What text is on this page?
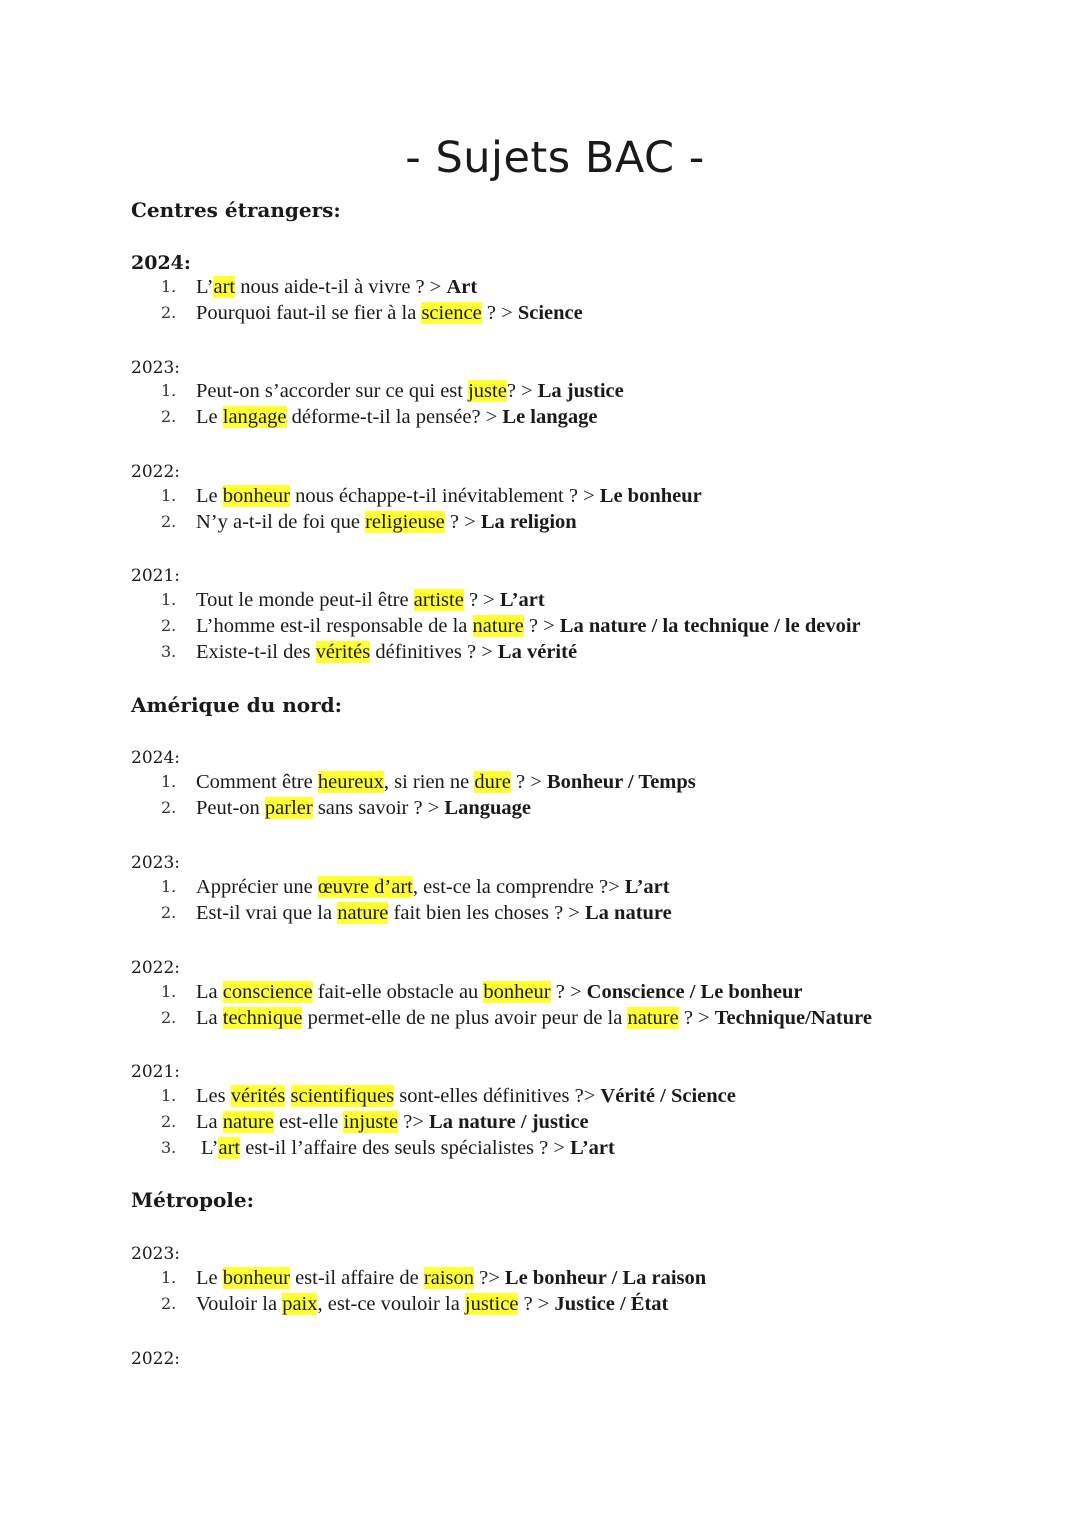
- Sujets BAC -
Centres étrangers:
2024:
1. L’art nous aide-t-il à vivre ? > Art
2. Pourquoi faut-il se fier à la science ? > Science
2023:
1. Peut-on s’accorder sur ce qui est juste? > La justice
2. Le langage déforme-t-il la pensée? > Le langage
2022:
1. Le bonheur nous échappe-t-il inévitablement ? > Le bonheur
2. N’y a-t-il de foi que religieuse ? > La religion
2021:
1. Tout le monde peut-il être artiste ? > L’art
2. L’homme est-il responsable de la nature ? > La nature / la technique / le devoir
3. Existe-t-il des vérités définitives ? > La vérité
Amérique du nord:
2024:
1. Comment être heureux, si rien ne dure ? > Bonheur / Temps
2. Peut-on parler sans savoir ? > Language
2023:
1. Apprécier une œuvre d’art, est-ce la comprendre ?> L’art
2. Est-il vrai que la nature fait bien les choses ? > La nature
2022:
1. La conscience fait-elle obstacle au bonheur ? > Conscience / Le bonheur
2. La technique permet-elle de ne plus avoir peur de la nature ? > Technique/Nature
2021:
1. Les vérités scientifiques sont-elles définitives ?> Vérité / Science
2. La nature est-elle injuste ?> La nature / justice
3. L’art est-il l’affaire des seuls spécialistes ? > L’art
Métropole:
2023:
1. Le bonheur est-il affaire de raison ?> Le bonheur / La raison
2. Vouloir la paix, est-ce vouloir la justice ? > Justice / État
2022:
